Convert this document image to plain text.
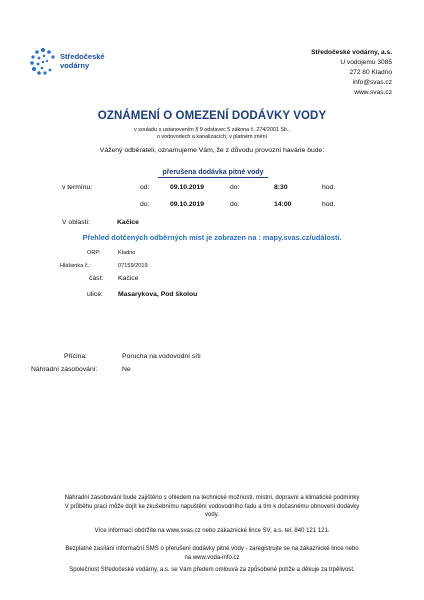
Středočeské
vodárny
Středočeské vodárny, a.s.
U vodojemu 3085
272 80 Kladno
info@svas.cz
www.svas.cz
OZNÁMENÍ O OMEZENÍ DODÁVKY VODY
v souladu s ustanovením § 9 odstavec 5 zákona č. 274/2001 Sb.,
o vodovodech a kanalizacích, v platném znění
Vážený odběrateli, oznamujeme Vám, že z důvodu provozní havárie bude:
přerušena dodávka pitné vody
v termínu:	od:	09.10.2019	do:	8:30	hod.
do:	09.10.2019	do:	14:00	hod.
V oblasti:	Kačice
Přehled dotčených odběrných míst je zobrazen na : mapy.svas.cz/události.
ORP:	Kladno
Hlášenka č.:	07159/2019
část: Kačice
ulice: Masarykova, Pod školou
Příčina:	Porucha na vodovodní síti
Náhradní zásobování:	Ne
Náhradní zásobování bude zajištěno s ohledem na technické možnosti, místní, dopravní a klimatické podmínky
V průběhu prací může dojít ke zkušebnímu napuštění vodovodního řadu a tím k dočasnému obnovení dodávky
vody.
Více informací obdržíte na www.svas.cz nebo zákaznické lince SV, a.s. tel. 840 121 121.
Bezplatné zasílání informační SMS o přerušení dodávky pitné vody - zaregistrujte se na zákaznické lince nebo
na www.voda-info.cz
Společnost Středočeské vodárny, a.s. se Vám předem omlouvá za způsobené potíže a děkuje za trpělivost.
